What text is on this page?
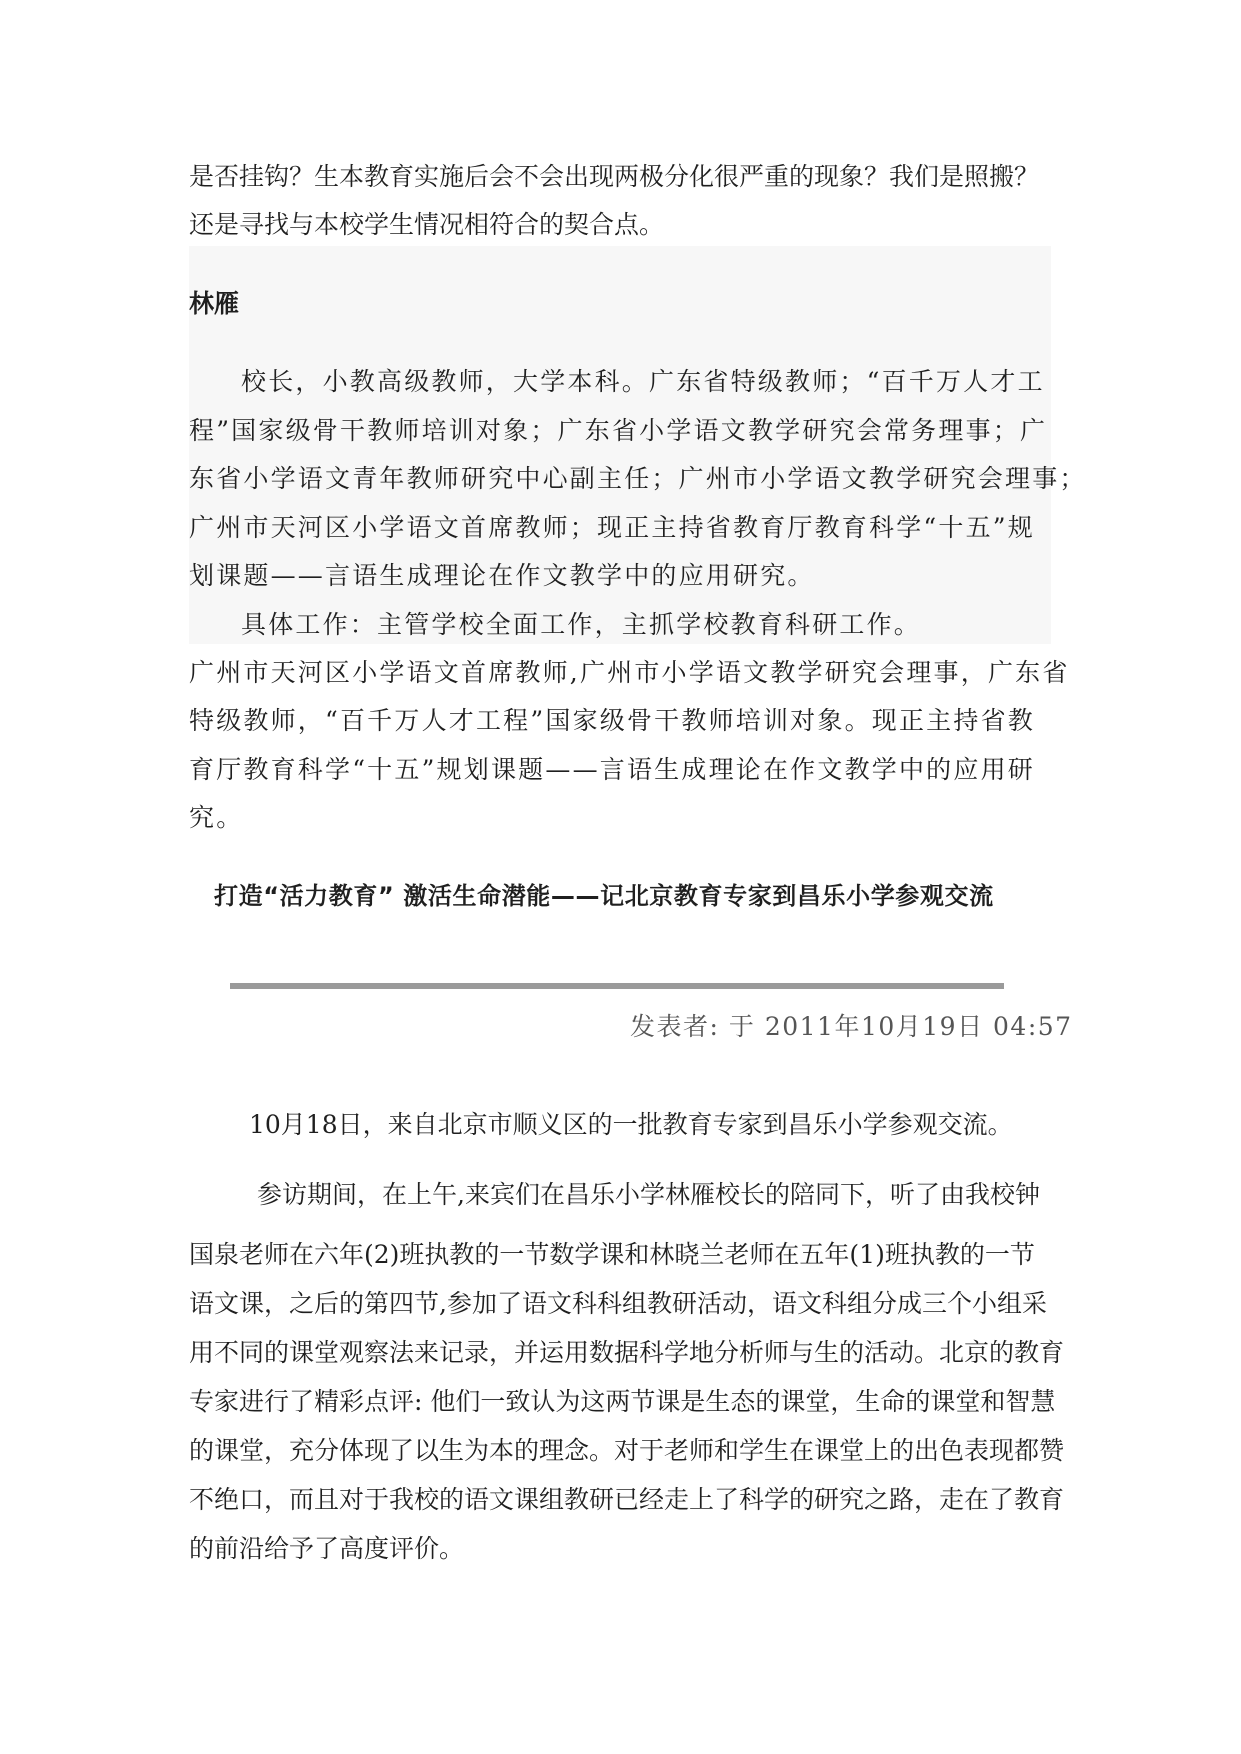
是否挂钩？生本教育实施后会不会出现两极分化很严重的现象？我们是照搬？
还是寻找与本校学生情况相符合的契合点。
林雁
校长，小教高级教师，大学本科。广东省特级教师；“百千万人才工
程”国家级骨干教师培训对象；广东省小学语文教学研究会常务理事；广
东省小学语文青年教师研究中心副主任；广州市小学语文教学研究会理事；
广州市天河区小学语文首席教师；现正主持省教育厅教育科学“十五”规
划课题——言语生成理论在作文教学中的应用研究。
具体工作：主管学校全面工作，主抓学校教育科研工作。
广州市天河区小学语文首席教师,广州市小学语文教学研究会理事，广东省
特级教师，“百千万人才工程”国家级骨干教师培训对象。现正主持省教
育厅教育科学“十五”规划课题——言语生成理论在作文教学中的应用研
究。
打造“活力教育” 激活生命潜能——记北京教育专家到昌乐小学参观交流
发表者: 于 2011年10月19日 04:57
10月18日，来自北京市顺义区的一批教育专家到昌乐小学参观交流。
参访期间，在上午,来宾们在昌乐小学林雁校长的陪同下，听了由我校钟
国泉老师在六年(2)班执教的一节数学课和林晓兰老师在五年(1)班执教的一节
语文课，之后的第四节,参加了语文科科组教研活动，语文科组分成三个小组采
用不同的课堂观察法来记录，并运用数据科学地分析师与生的活动。北京的教育
专家进行了精彩点评: 他们一致认为这两节课是生态的课堂，生命的课堂和智慧
的课堂，充分体现了以生为本的理念。对于老师和学生在课堂上的出色表现都赞
不绝口，而且对于我校的语文课组教研已经走上了科学的研究之路，走在了教育
的前沿给予了高度评价。
